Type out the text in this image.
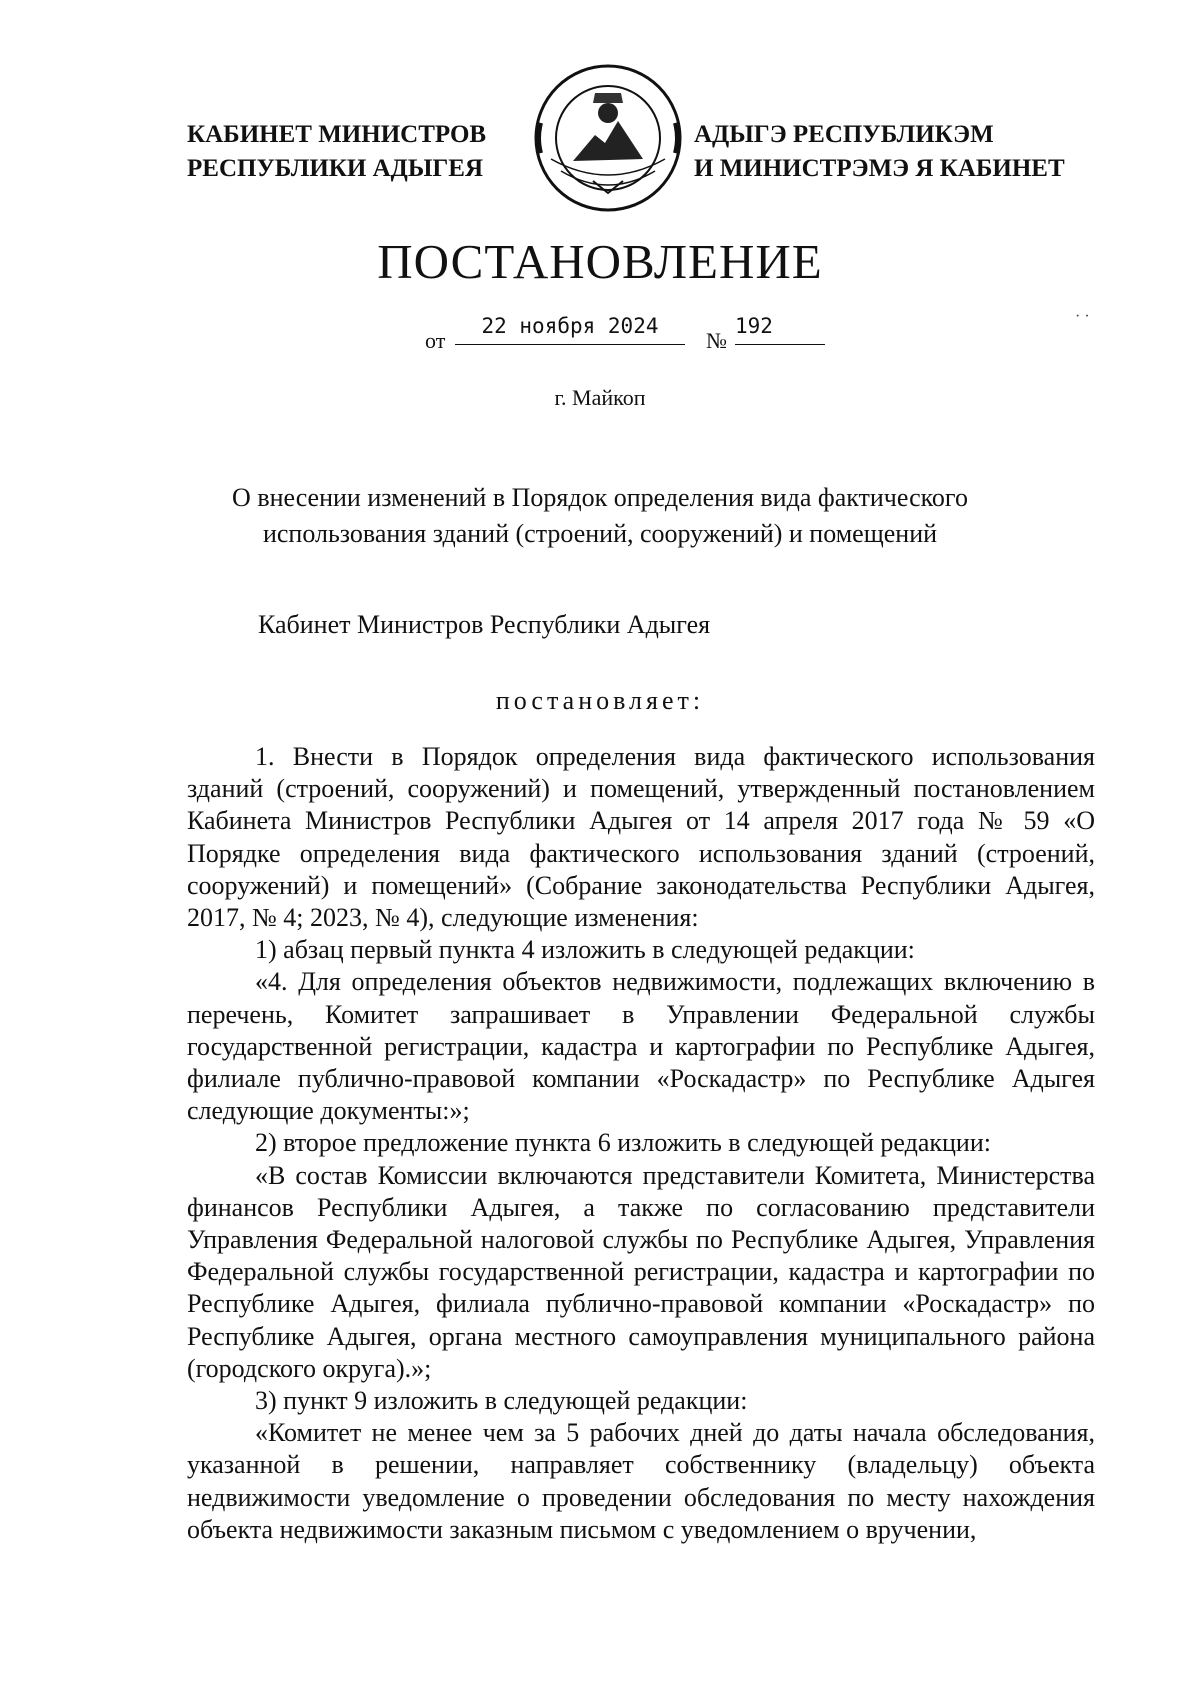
КАБИНЕТ МИНИСТРОВ
РЕСПУБЛИКИ АДЫГЕЯ
АДЫГЭ РЕСПУБЛИКЭМ
И МИНИСТРЭМЭ Я КАБИНЕТ
ПОСТАНОВЛЕНИЕ
· ·
от
22 ноября 2024
№
192
г. Майкоп
О внесении изменений в Порядок определения вида фактического
использования зданий (строений, сооружений) и помещений
Кабинет Министров Республики Адыгея
постановляет:

1. Внести в Порядок определения вида фактического использования зданий (строений, сооружений) и помещений, утвержденный постановлением Кабинета Министров Республики Адыгея от 14 апреля 2017 года № 59 «О Порядке определения вида фактического использования зданий (строений, сооружений) и помещений» (Собрание законодательства Республики Адыгея, 2017, № 4; 2023, № 4), следующие изменения:

1) абзац первый пункта 4 изложить в следующей редакции:

«4. Для определения объектов недвижимости, подлежащих включению в перечень, Комитет запрашивает в Управлении Федеральной службы государственной регистрации, кадастра и картографии по Республике Адыгея, филиале публично-правовой компании «Роскадастр» по Республике Адыгея следующие документы:»;

2) второе предложение пункта 6 изложить в следующей редакции:

«В состав Комиссии включаются представители Комитета, Министерства финансов Республики Адыгея, а также по согласованию представители Управления Федеральной налоговой службы по Республике Адыгея, Управления Федеральной службы государственной регистрации, кадастра и картографии по Республике Адыгея, филиала публично-правовой компании «Роскадастр» по Республике Адыгея, органа местного самоуправления муниципального района (городского округа).»;

3) пункт 9 изложить в следующей редакции:

«Комитет не менее чем за 5 рабочих дней до даты начала обследования, указанной в решении, направляет собственнику (владельцу) объекта недвижимости уведомление о проведении обследования по месту нахождения объекта недвижимости заказным письмом с уведомлением о вручении,
